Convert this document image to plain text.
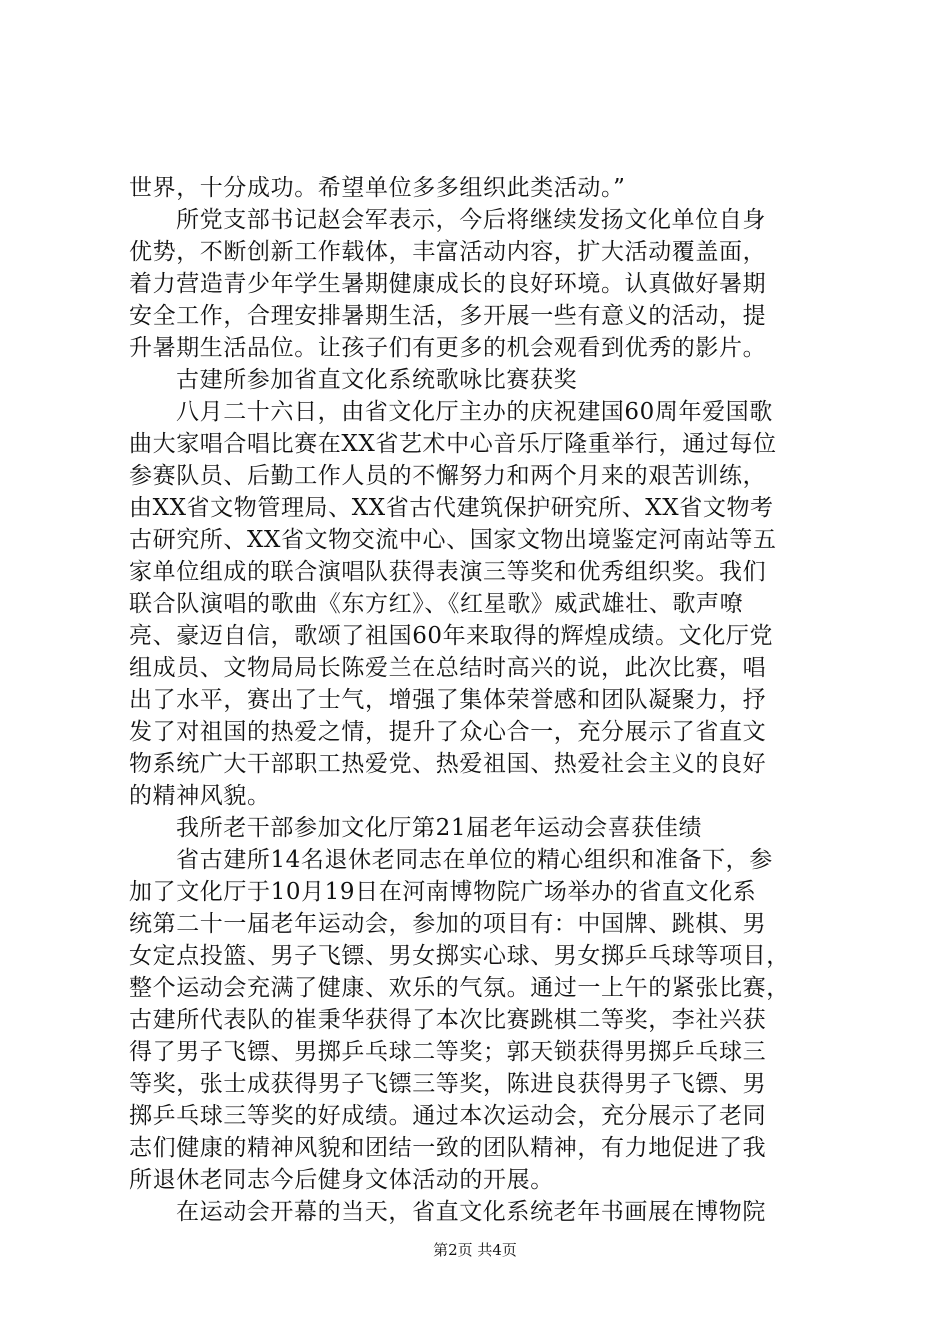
世界，十分成功。希望单位多多组织此类活动。”
所党支部书记赵会军表示，今后将继续发扬文化单位自身
优势，不断创新工作载体，丰富活动内容，扩大活动覆盖面，
着力营造青少年学生暑期健康成长的良好环境。认真做好暑期
安全工作，合理安排暑期生活，多开展一些有意义的活动，提
升暑期生活品位。让孩子们有更多的机会观看到优秀的影片。
古建所参加省直文化系统歌咏比赛获奖
八月二十六日，由省文化厅主办的庆祝建国60周年爱国歌
曲大家唱合唱比赛在XX省艺术中心音乐厅隆重举行，通过每位
参赛队员、后勤工作人员的不懈努力和两个月来的艰苦训练，
由XX省文物管理局、XX省古代建筑保护研究所、XX省文物考
古研究所、XX省文物交流中心、国家文物出境鉴定河南站等五
家单位组成的联合演唱队获得表演三等奖和优秀组织奖。我们
联合队演唱的歌曲《东方红》、《红星歌》威武雄壮、歌声嘹
亮、豪迈自信，歌颂了祖国60年来取得的辉煌成绩。文化厅党
组成员、文物局局长陈爱兰在总结时高兴的说，此次比赛，唱
出了水平，赛出了士气，增强了集体荣誉感和团队凝聚力，抒
发了对祖国的热爱之情，提升了众心合一，充分展示了省直文
物系统广大干部职工热爱党、热爱祖国、热爱社会主义的良好
的精神风貌。
我所老干部参加文化厅第21届老年运动会喜获佳绩
省古建所14名退休老同志在单位的精心组织和准备下，参
加了文化厅于10月19日在河南博物院广场举办的省直文化系
统第二十一届老年运动会，参加的项目有：中国牌、跳棋、男
女定点投篮、男子飞镖、男女掷实心球、男女掷乒乓球等项目，
整个运动会充满了健康、欢乐的气氛。通过一上午的紧张比赛，
古建所代表队的崔秉华获得了本次比赛跳棋二等奖，李社兴获
得了男子飞镖、男掷乒乓球二等奖；郭天锁获得男掷乒乓球三
等奖，张士成获得男子飞镖三等奖，陈进良获得男子飞镖、男
掷乒乓球三等奖的好成绩。通过本次运动会，充分展示了老同
志们健康的精神风貌和团结一致的团队精神，有力地促进了我
所退休老同志今后健身文体活动的开展。
在运动会开幕的当天，省直文化系统老年书画展在博物院
第2页 共4页
